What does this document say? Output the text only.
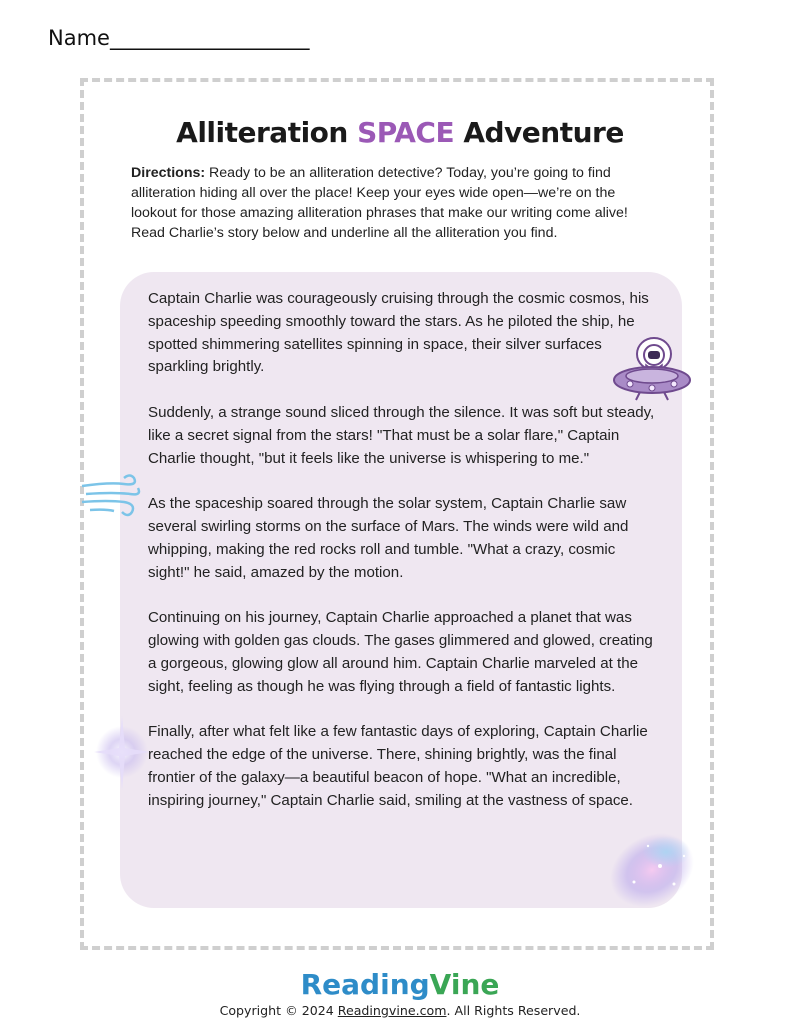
Name___________________
Alliteration SPACE Adventure
Directions: Ready to be an alliteration detective? Today, you’re going to find alliteration hiding all over the place! Keep your eyes wide open—we’re on the lookout for those amazing alliteration phrases that make our writing come alive! Read Charlie’s story below and underline all the alliteration you find.

Captain Charlie was courageously cruising through the cosmic cosmos, his spaceship speeding smoothly toward the stars. As he piloted the ship, he spotted shimmering satellites spinning in space, their silver surfaces sparkling brightly.

Suddenly, a strange sound sliced through the silence. It was soft but steady, like a secret signal from the stars! "That must be a solar flare," Captain Charlie thought, "but it feels like the universe is whispering to me."

As the spaceship soared through the solar system, Captain Charlie saw several swirling storms on the surface of Mars. The winds were wild and whipping, making the red rocks roll and tumble. "What a crazy, cosmic sight!" he said, amazed by the motion.

Continuing on his journey, Captain Charlie approached a planet that was glowing with golden gas clouds. The gases glimmered and glowed, creating a gorgeous, glowing glow all around him. Captain Charlie marveled at the sight, feeling as though he was flying through a field of fantastic lights.

Finally, after what felt like a few fantastic days of exploring, Captain Charlie reached the edge of the universe. There, shining brightly, was the final frontier of the galaxy—a beautiful beacon of hope. "What an incredible, inspiring journey," Captain Charlie said, smiling at the vastness of space.

ReadingVine
Copyright © 2024 Readingvine.com. All Rights Reserved.
